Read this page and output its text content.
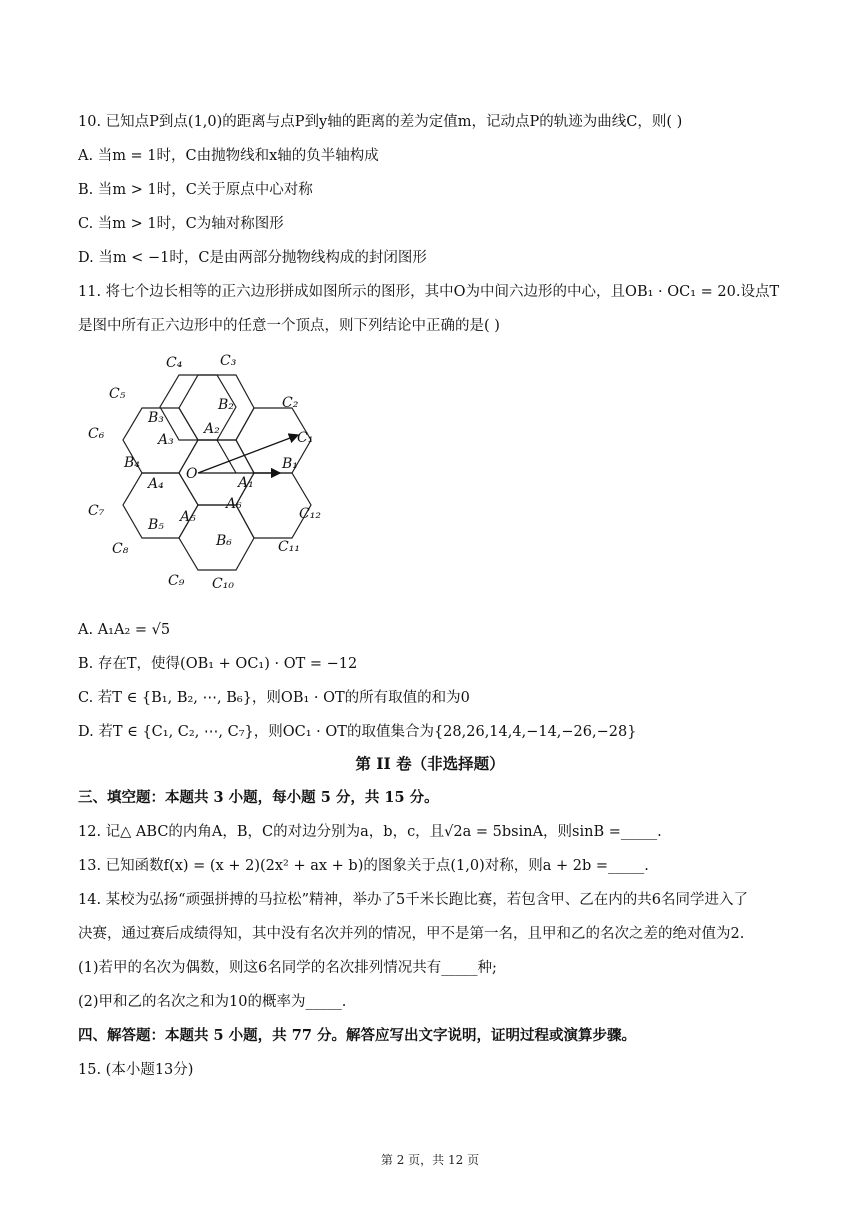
10. 已知点P到点(1,0)的距离与点P到y轴的距离的差为定值m，记动点P的轨迹为曲线C，则( )
A. 当m = 1时，C由抛物线和x轴的负半轴构成
B. 当m > 1时，C关于原点中心对称
C. 当m > 1时，C为轴对称图形
D. 当m < −1时，C是由两部分抛物线构成的封闭图形
11. 将七个边长相等的正六边形拼成如图所示的图形，其中O为中间六边形的中心，且OB₁ · OC₁ = 20.设点T
是图中所有正六边形中的任意一个顶点，则下列结论中正确的是( )
O
A₁
A₂
A₃
A₄
A₅
A₆
B₁
B₂
B₃
B₄
B₅
B₆
C₁
C₂
C₃
C₄
C₅
C₆
C₇
C₈
C₉ C₁₀
C₁₁
C₁₂
A. A₁A₂ = √5
B. 存在T，使得(OB₁ + OC₁) · OT = −12
C. 若T ∈ {B₁, B₂, ⋯, B₆}，则OB₁ · OT的所有取值的和为0
D. 若T ∈ {C₁, C₂, ⋯, C₇}，则OC₁ · OT的取值集合为{28,26,14,4,−14,−26,−28}
第 II 卷（非选择题）
三、填空题：本题共 3 小题，每小题 5 分，共 15 分。
12. 记△ ABC的内角A，B，C的对边分别为a，b，c，且√2a = 5bsinA，则sinB =_____.
13. 已知函数f(x) = (x + 2)(2x² + ax + b)的图象关于点(1,0)对称，则a + 2b =_____.
14. 某校为弘扬“顽强拼搏的马拉松”精神，举办了5千米长跑比赛，若包含甲、乙在内的共6名同学进入了
决赛，通过赛后成绩得知，其中没有名次并列的情况，甲不是第一名，且甲和乙的名次之差的绝对值为2.
(1)若甲的名次为偶数，则这6名同学的名次排列情况共有_____种;
(2)甲和乙的名次之和为10的概率为_____.
四、解答题：本题共 5 小题，共 77 分。解答应写出文字说明，证明过程或演算步骤。
15. (本小题13分)
第 2 页，共 12 页
